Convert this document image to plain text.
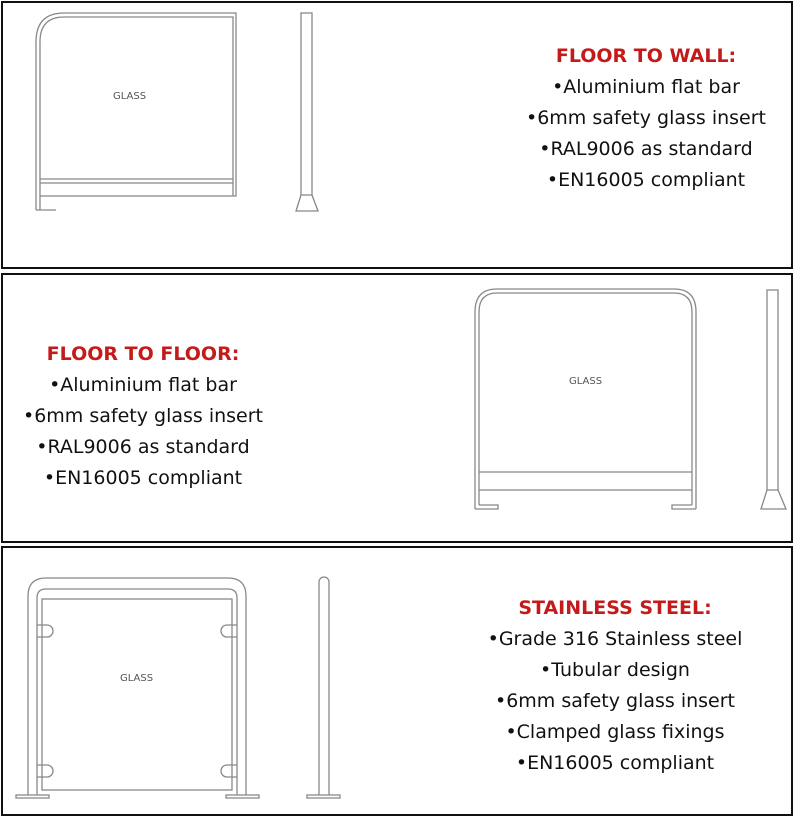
GLASS
FLOOR TO WALL:
•Aluminium flat bar
•6mm safety glass insert
•RAL9006 as standard
•EN16005 compliant
GLASS
FLOOR TO FLOOR:
•Aluminium flat bar
•6mm safety glass insert
•RAL9006 as standard
•EN16005 compliant
GLASS
STAINLESS STEEL:
•Grade 316 Stainless steel
•Tubular design
•6mm safety glass insert
•Clamped glass fixings
•EN16005 compliant
